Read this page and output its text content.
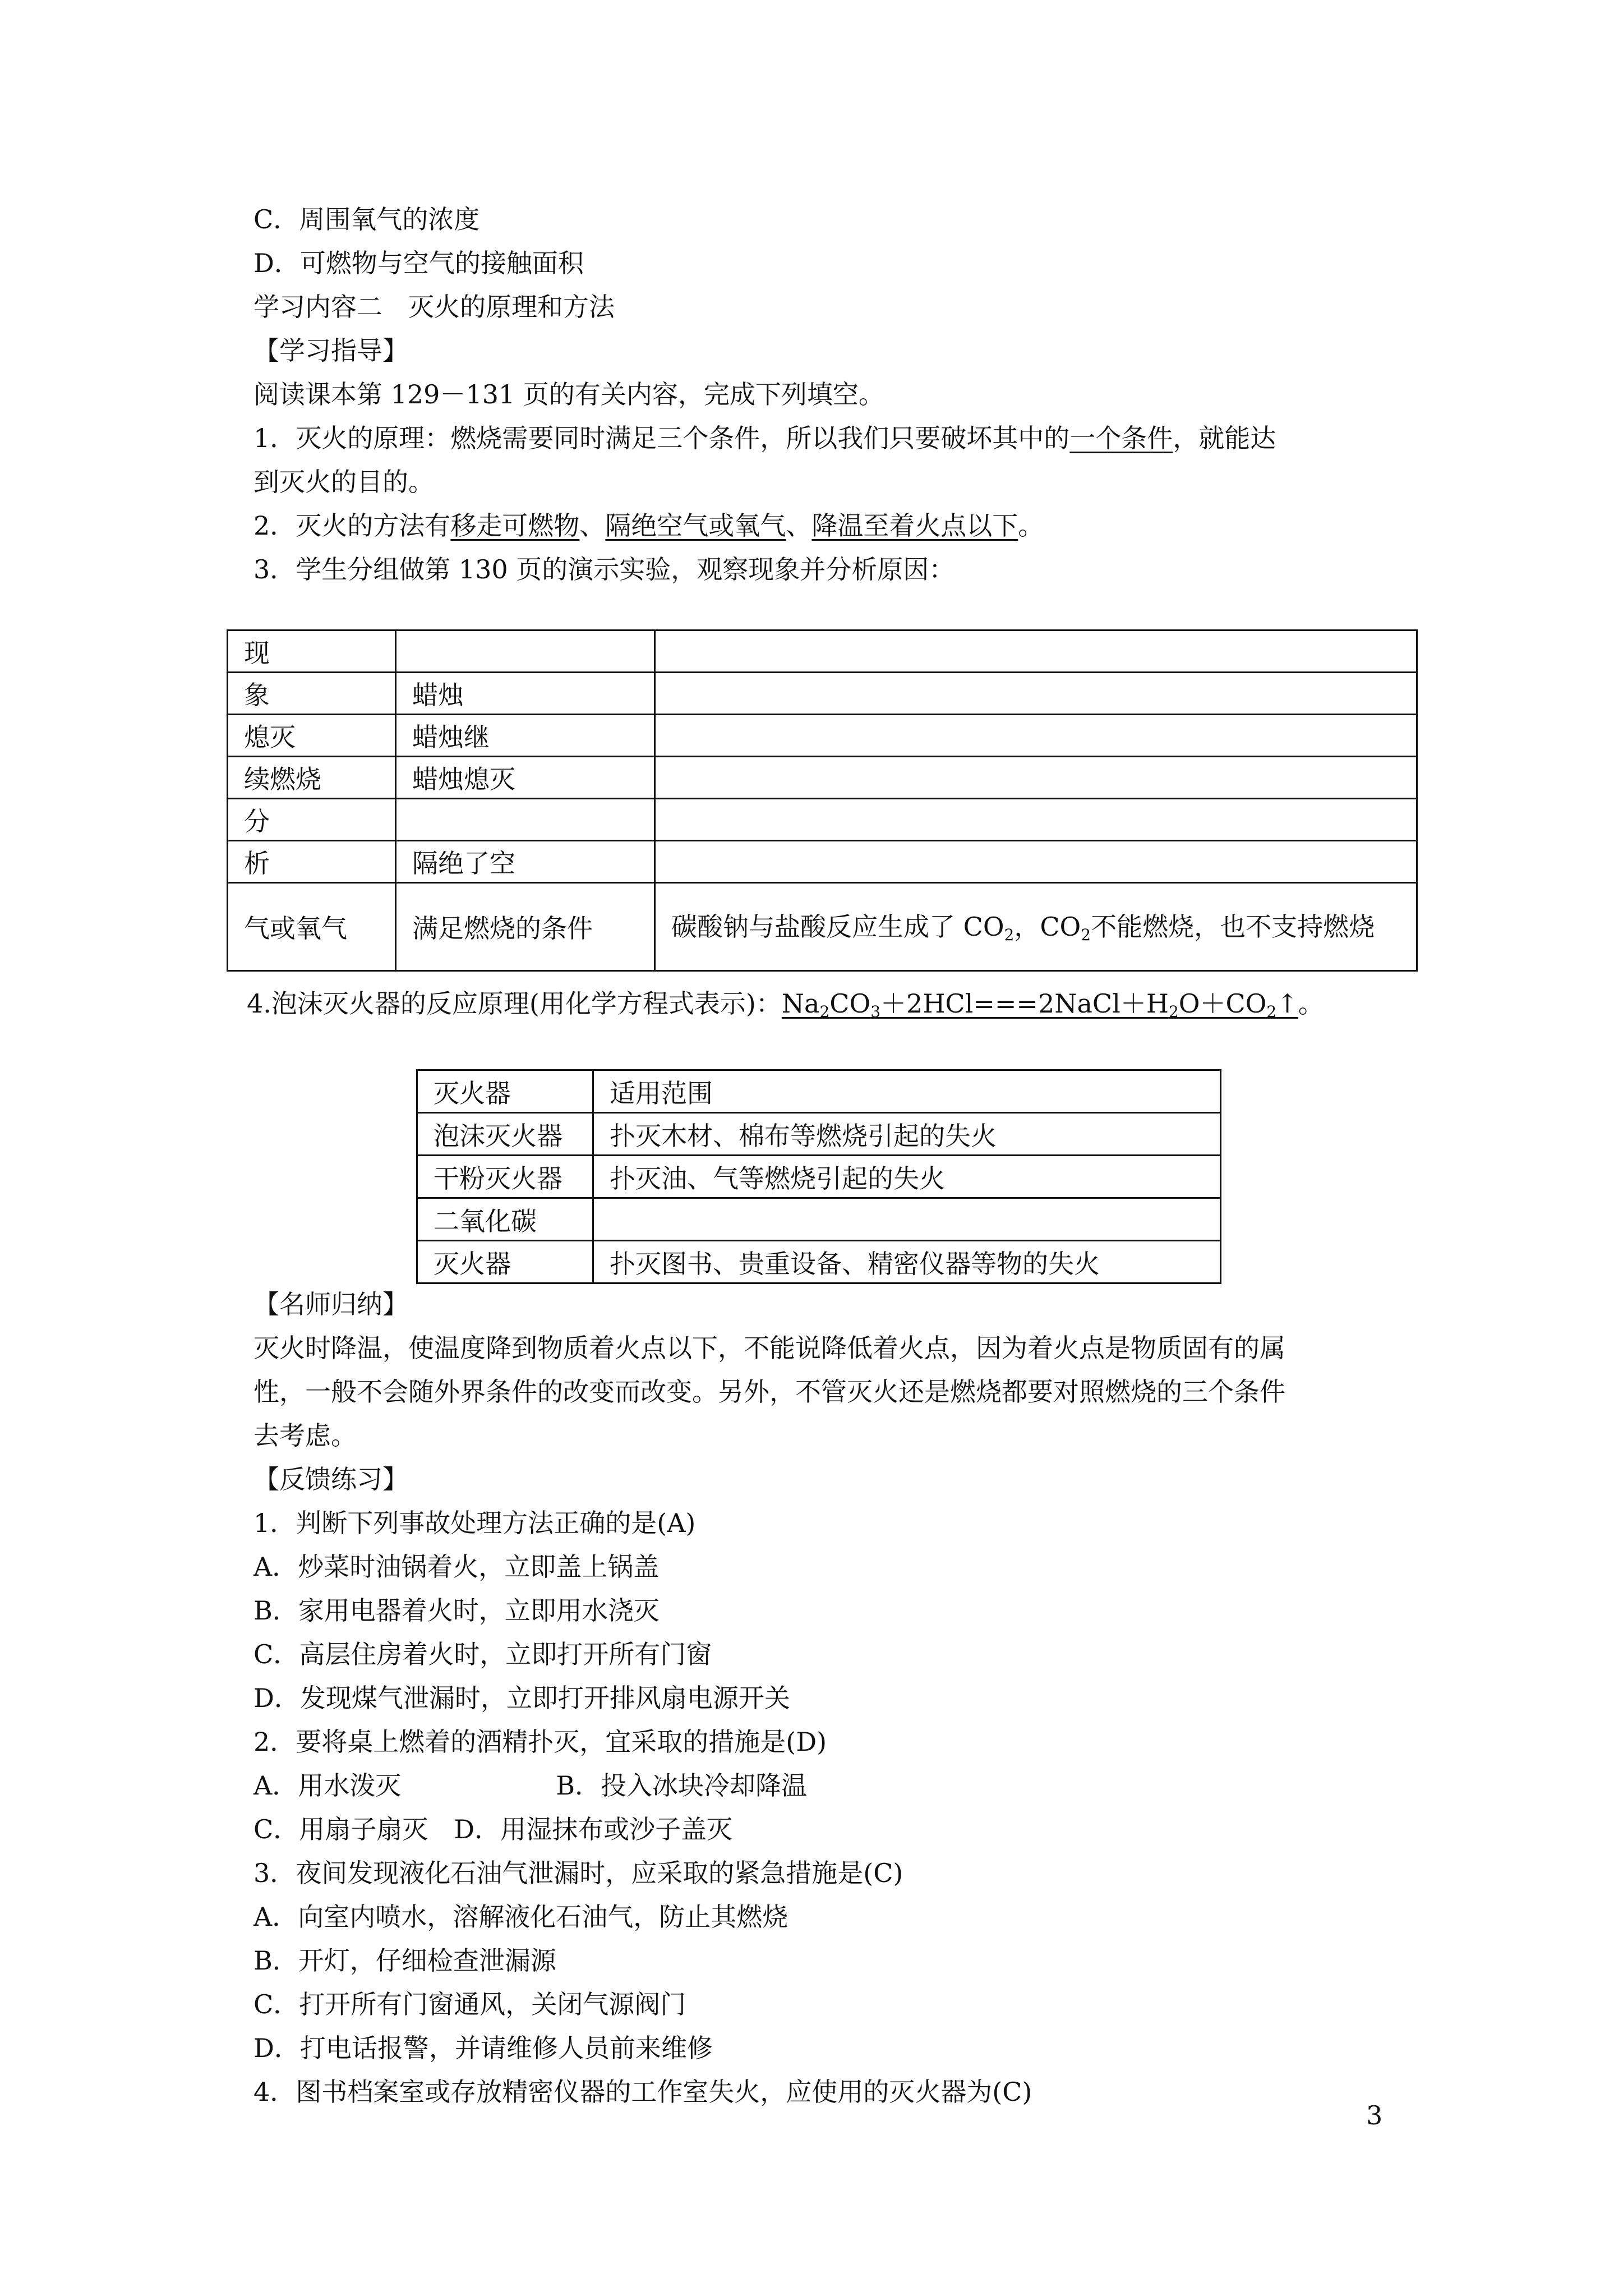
C．周围氧气的浓度
D．可燃物与空气的接触面积
学习内容二　灭火的原理和方法
【学习指导】
阅读课本第 129－131 页的有关内容，完成下列填空。
1．灭火的原理：燃烧需要同时满足三个条件，所以我们只要破坏其中的一个条件，就能达
到灭火的目的。
2．灭火的方法有移走可燃物、隔绝空气或氧气、降温至着火点以下。
3．学生分组做第 130 页的演示实验，观察现象并分析原因：
现		
象	蜡烛	
熄灭	蜡烛继	
续燃烧	蜡烛熄灭	
分		
析	隔绝了空	
气或氧气	满足燃烧的条件	碳酸钠与盐酸反应生成了 $CO_2$，$CO_2$不能燃烧，也不支持燃烧
4.泡沫灭火器的反应原理(用化学方程式表示)：$Na_2CO_3+2HCl===2NaCl+H_2O+CO_2↑$。
灭火器	适用范围
泡沫灭火器	扑灭木材、棉布等燃烧引起的失火
干粉灭火器	扑灭油、气等燃烧引起的失火
二氧化碳	
灭火器	扑灭图书、贵重设备、精密仪器等物的失火
【名师归纳】
灭火时降温，使温度降到物质着火点以下，不能说降低着火点，因为着火点是物质固有的属
性，一般不会随外界条件的改变而改变。另外，不管灭火还是燃烧都要对照燃烧的三个条件
去考虑。
【反馈练习】
1．判断下列事故处理方法正确的是(A)
A．炒菜时油锅着火，立即盖上锅盖
B．家用电器着火时，立即用水浇灭
C．高层住房着火时，立即打开所有门窗
D．发现煤气泄漏时，立即打开排风扇电源开关
2．要将桌上燃着的酒精扑灭，宜采取的措施是(D)
A．用水泼灭　　　　　　B．投入冰块冷却降温
C．用扇子扇灭　D．用湿抹布或沙子盖灭
3．夜间发现液化石油气泄漏时，应采取的紧急措施是(C)
A．向室内喷水，溶解液化石油气，防止其燃烧
B．开灯，仔细检查泄漏源
C．打开所有门窗通风，关闭气源阀门
D．打电话报警，并请维修人员前来维修
4．图书档案室或存放精密仪器的工作室失火，应使用的灭火器为(C)
3
